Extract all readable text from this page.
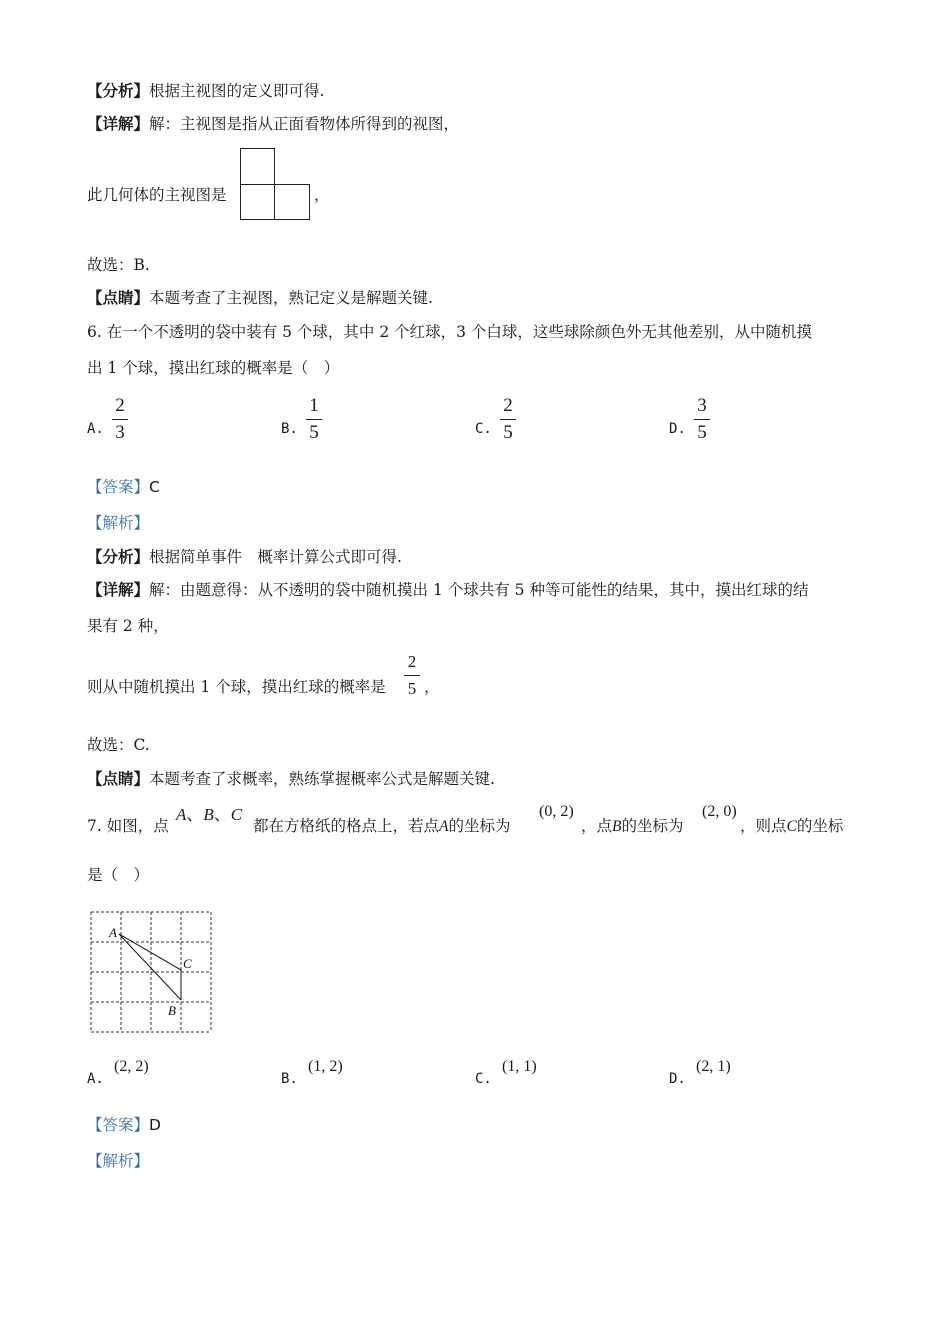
【分析】根据主视图的定义即可得.
【详解】解：主视图是指从正面看物体所得到的视图，
此几何体的主视图是	，
故选：B.
【点睛】本题考查了主视图，熟记定义是解题关键.
6. 在一个不透明的袋中装有 5 个球，其中 2 个红球，3 个白球，这些球除颜色外无其他差别，从中随机摸
出 1 个球，摸出红球的概率是（　）
A.
2
3	B.
1
5	C.
2
5	D.
3
5
【答案】C
【解析】
【分析】根据简单事件　概率计算公式即可得.
【详解】解：由题意得：从不透明的袋中随机摸出 1 个球共有 5 种等可能性的结果，其中，摸出红球的结
果有 2 种，
则从中随机摸出 1 个球，摸出红球的概率是
2
5 ，
故选：C.
【点睛】本题考查了求概率，熟练掌握概率公式是解题关键.
7. 如图，点
A、B、C
都在方格纸的格点上，若点A的坐标为
(0, 2)
，点B的坐标为
(2, 0)
，则点C的坐标
是（　）
A
C
B
A.
(2, 2)
B.
(1, 2)
C.
(1, 1)
D.
(2, 1)
【答案】D
【解析】
